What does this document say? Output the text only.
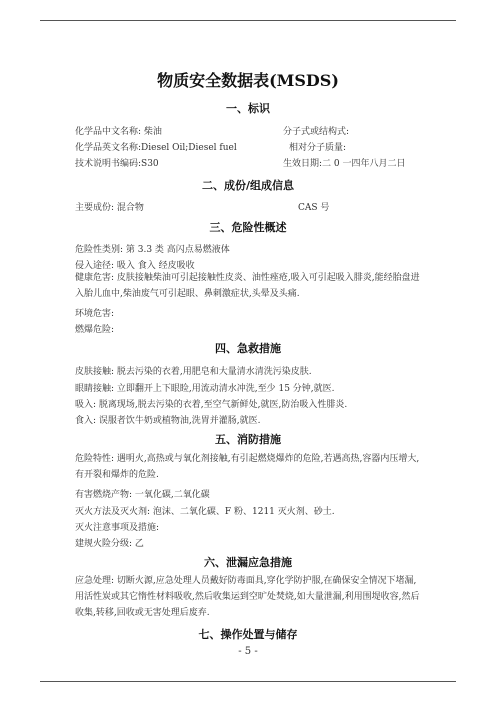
物质安全数据表(MSDS)
一、标识
化学品中文名称: 柴油	分子式或结构式:
化学品英文名称:Diesel Oil;Diesel fuel	相对分子质量:
技术说明书编码:S30	生效日期:二 0 一四年八月二日
二、成份/组成信息
主要成份: 混合物	CAS 号
三、危险性概述
危险性类别: 第 3.3 类 高闪点易燃液体
侵入途径: 吸入 食入 经皮吸收
健康危害: 皮肤接触柴油可引起接触性皮炎、油性痤疮,吸入可引起吸入腓炎,能经胎盘进入胎儿血中,柴油废气可引起眼、鼻刺激症状,头晕及头痛.
环境危害:
燃爆危险:
四、急救措施
皮肤接触: 脱去污染的衣着,用肥皂和大量清水清洗污染皮肤.
眼睛接触: 立即翻开上下眼睑,用流动清水冲洗,至少 15 分钟,就医.
吸入: 脱离现场,脱去污染的衣着,至空气新鲜处,就医,防治吸入性腓炎.
食入: 误服者饮牛奶或植物油,洗胃并灌肠,就医.
五、消防措施
危险特性: 遇明火,高热或与氧化剂接触,有引起燃烧爆炸的危险,若遇高热,容器内压增大,有开裂和爆炸的危险.
有害燃烧产物: 一氧化碳,二氧化碳
灭火方法及灭火剂: 泡沫、二氧化碳、F 粉、1211 灭火剂、砂土.
灭火注意事项及措施:
建规火险分级: 乙
六、泄漏应急措施
应急处理: 切断火源,应急处理人员戴好防毒面具,穿化学防护服,在确保安全情况下堵漏,用活性炭或其它惰性材料吸收,然后收集运到空旷处焚烧,如大量泄漏,利用围堤收容,然后收集,转移,回收或无害处理后废弃.
七、操作处置与储存
- 5 -
